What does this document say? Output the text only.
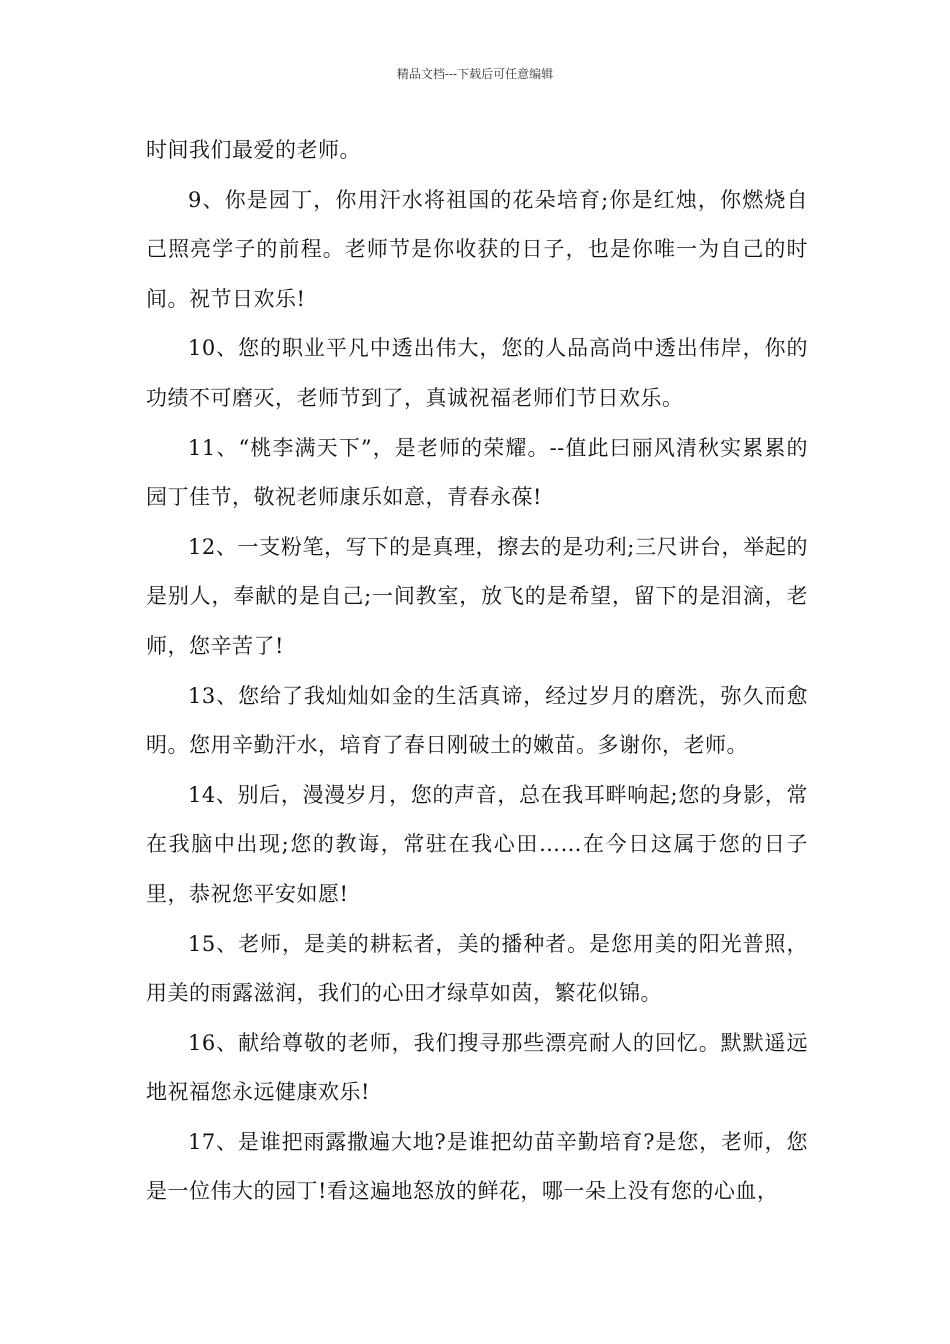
精品文档---下载后可任意编辑

时间我们最爱的老师。

9、你是园丁，你用汗水将祖国的花朵培育;你是红烛，你燃烧自己照亮学子的前程。老师节是你收获的日子，也是你唯一为自己的时间。祝节日欢乐!

10、您的职业平凡中透出伟大，您的人品高尚中透出伟岸，你的功绩不可磨灭，老师节到了，真诚祝福老师们节日欢乐。

11、“桃李满天下”，是老师的荣耀。--值此曰丽风清秋实累累的园丁佳节，敬祝老师康乐如意，青春永葆!

12、一支粉笔，写下的是真理，擦去的是功利;三尺讲台，举起的是别人，奉献的是自己;一间教室，放飞的是希望，留下的是泪滴，老师，您辛苦了!

13、您给了我灿灿如金的生活真谛，经过岁月的磨洗，弥久而愈明。您用辛勤汗水，培育了春日刚破土的嫩苗。多谢你，老师。

14、别后，漫漫岁月，您的声音，总在我耳畔响起;您的身影，常在我脑中出现;您的教诲，常驻在我心田……在今日这属于您的日子里，恭祝您平安如愿!

15、老师，是美的耕耘者，美的播种者。是您用美的阳光普照，用美的雨露滋润，我们的心田才绿草如茵，繁花似锦。

16、献给尊敬的老师，我们搜寻那些漂亮耐人的回忆。默默遥远地祝福您永远健康欢乐!

17、是谁把雨露撒遍大地?是谁把幼苗辛勤培育?是您，老师，您是一位伟大的园丁!看这遍地怒放的鲜花，哪一朵上没有您的心血，
